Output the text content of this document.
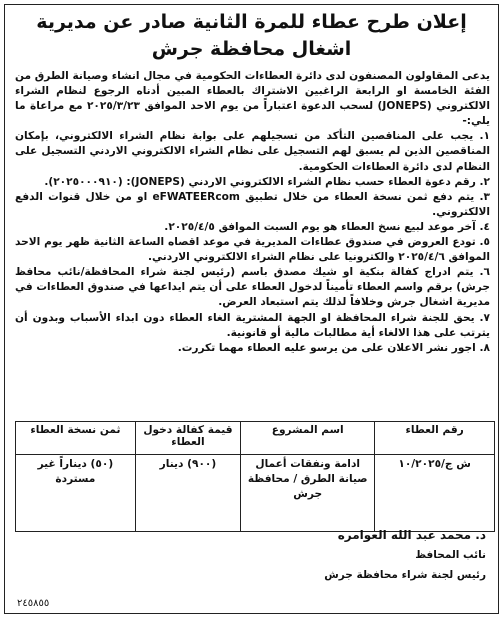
إعلان طرح عطاء للمرة الثانية صادر عن مديرية اشغال محافظة جرش

يدعى المقاولون المصنفون لدى دائرة العطاءات الحكومية في مجال انشاء وصيانة الطرق من الفئة الخامسة او الرابعة الراغبين الاشتراك بالعطاء المبين أدناه الرجوع لنظام الشراء الالكتروني (JONEPS) لسحب الدعوة اعتباراً من يوم الاحد الموافق ٢٠٢٥/٣/٢٣ مع مراعاة ما يلي:-

١. يجب على المناقصين التأكد من تسجيلهم على بوابة نظام الشراء الالكتروني، بإمكان المناقصين الذين لم يسبق لهم التسجيل على نظام الشراء الالكتروني الاردني التسجيل على النظام لدى دائرة العطاءات الحكومية.

٢. رقم دعوة العطاء حسب نظام الشراء الالكتروني الاردني (JONEPS): (٢٠٢٥٠٠٠٩١٠).

٣. يتم دفع ثمن نسخة العطاء من خلال تطبيق eFWATEERcom او من خلال قنوات الدفع الالكتروني.

٤. آخر موعد لبيع نسخ العطاء هو يوم السبت الموافق ٢٠٢٥/٤/٥.

٥. تودع العروض في صندوق عطاءات المديرية في موعد اقصاه الساعة الثانية ظهر يوم الاحد الموافق ٢٠٢٥/٤/٦ والكترونيا على نظام الشراء الالكتروني الاردني.

٦. يتم ادراج كفالة بنكية او شيك مصدق باسم (رئيس لجنة شراء المحافظة/نائب محافظ جرش) برقم واسم العطاء تأميناً لدخول العطاء على أن يتم ايداعها في صندوق العطاءات في مديرية اشغال جرش وخلافاً لذلك يتم استبعاد العرض.

٧. يحق للجنة شراء المحافظة او الجهة المشترية الغاء العطاء دون ابداء الأسباب وبدون أن يترتب على هذا الالغاء أية مطالبات مالية أو قانونية.

٨. اجور نشر الاعلان على من يرسو عليه العطاء مهما تكررت.

رقم العطاء	اسم المشروع	قيمة كفالة دخول العطاء	ثمن نسخة العطاء
ش ج/١٠/٢٠٢٥	ادامة ونفقات أعمال صيانة الطرق / محافظة جرش	(٩٠٠) دينار	(٥٠) ديناراً غير مستردة
د. محمد عبد الله العوامره
نائب المحافظ
رئيس لجنة شراء محافظة جرش
٢٤٥٨٥٥
